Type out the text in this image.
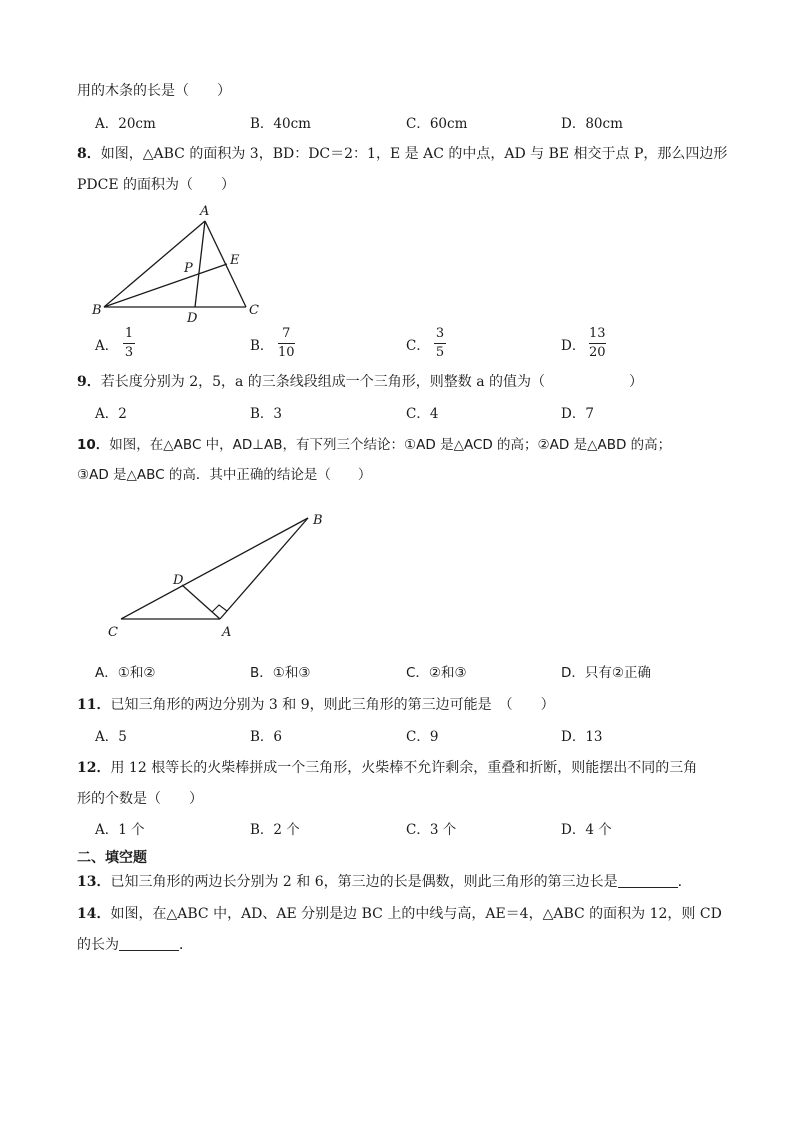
用的木条的长是（　　）
A．20cm	B．40cm	C．60cm	D．80cm
8．如图，△ABC 的面积为 3，BD：DC＝2：1，E 是 AC 的中点，AD 与 BE 相交于点 P，那么四边形
PDCE 的面积为（　　）
A
B	C
D
E
P
A．
1
3	B．
7
10	C．
3
5	D．
13
20
9．若长度分别为 2，5，a 的三条线段组成一个三角形，则整数 a 的值为（　　　　　　）
A．2	B．3	C．4	D．7
10．如图，在△ABC 中，AD⊥AB，有下列三个结论：①AD 是△ACD 的高；②AD 是△ABD 的高；
③AD 是△ABC 的高．其中正确的结论是（　　）
B
C	A
D
A．①和②	B．①和③	C．②和③	D．只有②正确
11．已知三角形的两边分别为 3 和 9，则此三角形的第三边可能是　（　　）
A．5	B．6	C．9	D．13
12．用 12 根等长的火柴棒拼成一个三角形，火柴棒不允许剩余，重叠和折断，则能摆出不同的三角
形的个数是（　　）
A．1 个	B．2 个	C．3 个	D．4 个
二、填空题
13．已知三角形的两边长分别为 2 和 6，第三边的长是偶数，则此三角形的第三边长是	.
14．如图，在△ABC 中，AD、AE 分别是边 BC 上的中线与高，AE＝4，△ABC 的面积为 12，则 CD
的长为	．
